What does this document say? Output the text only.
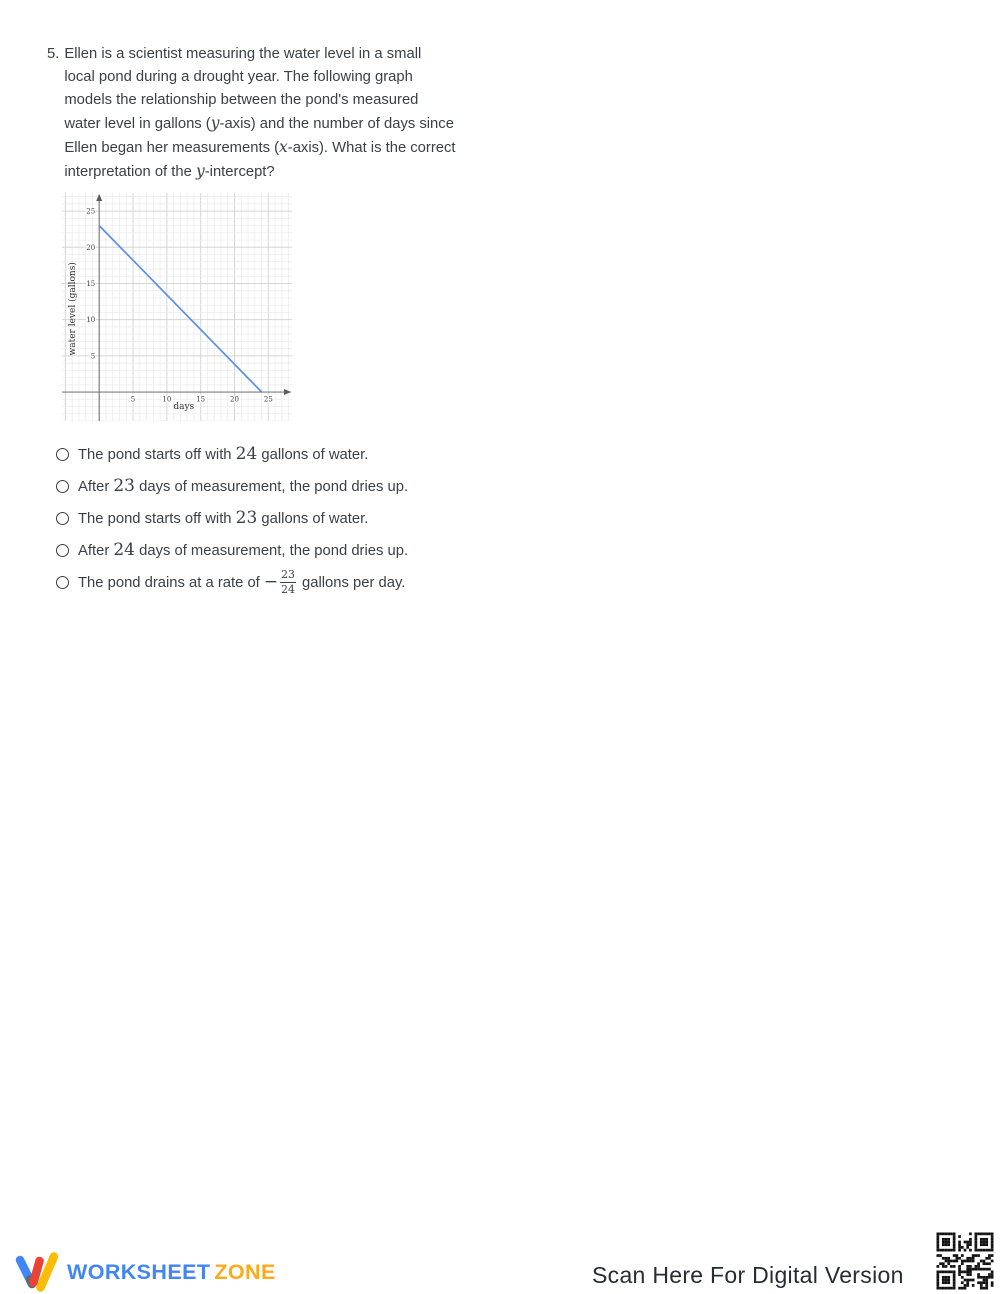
5. Ellen is a scientist measuring the water level in a small
local pond during a drought year. The following graph
models the relationship between the pond's measured
water level in gallons (y-axis) and the number of days since
Ellen began her measurements (x-axis). What is the correct
interpretation of the y-intercept?
5	10	15	20	25
5
10
15
20
25
days
water level (gallons)
The pond starts off with 24 gallons of water.
After 23 days of measurement, the pond dries up.
The pond starts off with 23 gallons of water.
After 24 days of measurement, the pond dries up.
The pond drains at a rate of − $\frac{23}{24}$ gallons per day.
WORKSHEET ZONE	Scan Here For Digital Version
